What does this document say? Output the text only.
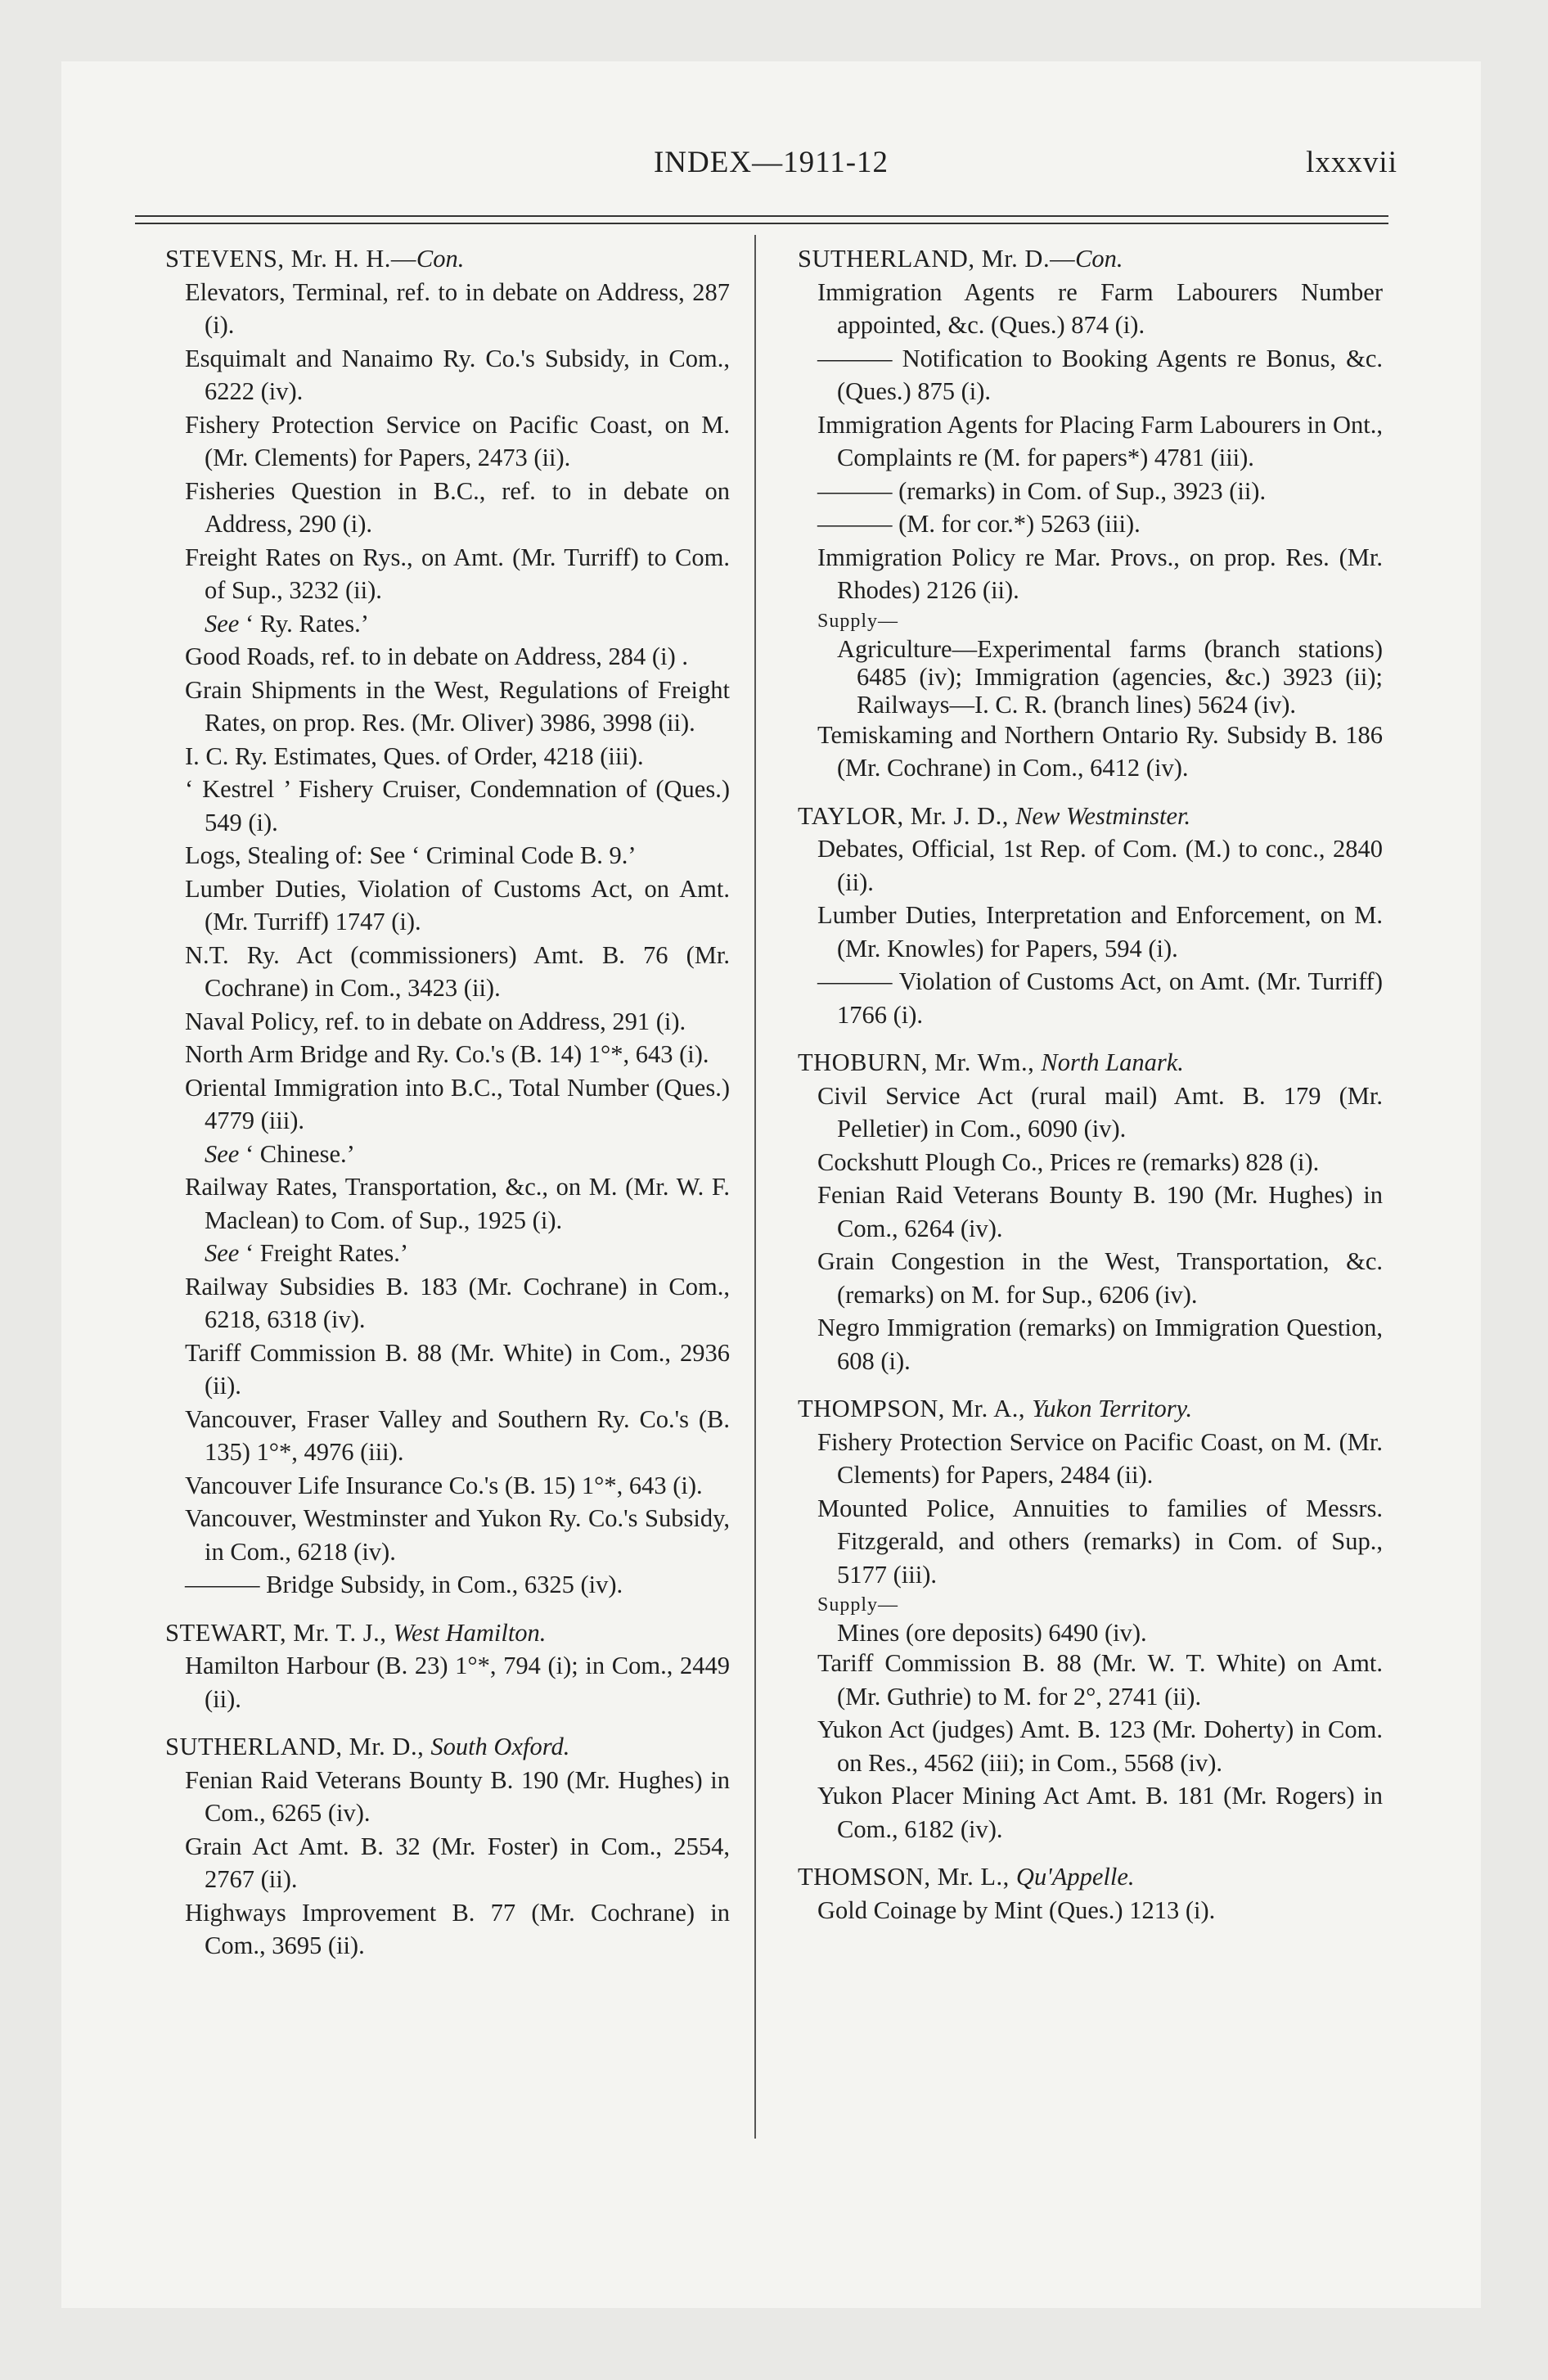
INDEX—1911-12	lxxxvii
STEVENS, Mr. H. H.—Con.
Elevators, Terminal, ref. to in debate on Address, 287 (i).
Esquimalt and Nanaimo Ry. Co.'s Subsidy, in Com., 6222 (iv).
Fishery Protection Service on Pacific Coast, on M. (Mr. Clements) for Papers, 2473 (ii).
Fisheries Question in B.C., ref. to in debate on Address, 290 (i).
Freight Rates on Rys., on Amt. (Mr. Turriff) to Com. of Sup., 3232 (ii).
See ‘ Ry. Rates.’
Good Roads, ref. to in debate on Address, 284 (i) .
Grain Shipments in the West, Regulations of Freight Rates, on prop. Res. (Mr. Oliver) 3986, 3998 (ii).
I. C. Ry. Estimates, Ques. of Order, 4218 (iii).
‘ Kestrel ’ Fishery Cruiser, Condemnation of (Ques.) 549 (i).
Logs, Stealing of: See ‘ Criminal Code B. 9.’
Lumber Duties, Violation of Customs Act, on Amt. (Mr. Turriff) 1747 (i).
N.T. Ry. Act (commissioners) Amt. B. 76 (Mr. Cochrane) in Com., 3423 (ii).
Naval Policy, ref. to in debate on Address, 291 (i).
North Arm Bridge and Ry. Co.'s (B. 14) 1°*, 643 (i).
Oriental Immigration into B.C., Total Number (Ques.) 4779 (iii).
See ‘ Chinese.’
Railway Rates, Transportation, &c., on M. (Mr. W. F. Maclean) to Com. of Sup., 1925 (i).
See ‘ Freight Rates.’
Railway Subsidies B. 183 (Mr. Cochrane) in Com., 6218, 6318 (iv).
Tariff Commission B. 88 (Mr. White) in Com., 2936 (ii).
Vancouver, Fraser Valley and Southern Ry. Co.'s (B. 135) 1°*, 4976 (iii).
Vancouver Life Insurance Co.'s (B. 15) 1°*, 643 (i).
Vancouver, Westminster and Yukon Ry. Co.'s Subsidy, in Com., 6218 (iv).
——— Bridge Subsidy, in Com., 6325 (iv).
STEWART, Mr. T. J., West Hamilton.
Hamilton Harbour (B. 23) 1°*, 794 (i); in Com., 2449 (ii).
SUTHERLAND, Mr. D., South Oxford.
Fenian Raid Veterans Bounty B. 190 (Mr. Hughes) in Com., 6265 (iv).
Grain Act Amt. B. 32 (Mr. Foster) in Com., 2554, 2767 (ii).
Highways Improvement B. 77 (Mr. Cochrane) in Com., 3695 (ii).
SUTHERLAND, Mr. D.—Con.
Immigration Agents re Farm Labourers Number appointed, &c. (Ques.) 874 (i).
——— Notification to Booking Agents re Bonus, &c. (Ques.) 875 (i).
Immigration Agents for Placing Farm Labourers in Ont., Complaints re (M. for papers*) 4781 (iii).
——— (remarks) in Com. of Sup., 3923 (ii).
——— (M. for cor.*) 5263 (iii).
Immigration Policy re Mar. Provs., on prop. Res. (Mr. Rhodes) 2126 (ii).
Supply—
Agriculture—Experimental farms (branch stations) 6485 (iv); Immigration (agencies, &c.) 3923 (ii); Railways—I. C. R. (branch lines) 5624 (iv).
Temiskaming and Northern Ontario Ry. Subsidy B. 186 (Mr. Cochrane) in Com., 6412 (iv).
TAYLOR, Mr. J. D., New Westminster.
Debates, Official, 1st Rep. of Com. (M.) to conc., 2840 (ii).
Lumber Duties, Interpretation and Enforcement, on M. (Mr. Knowles) for Papers, 594 (i).
——— Violation of Customs Act, on Amt. (Mr. Turriff) 1766 (i).
THOBURN, Mr. Wm., North Lanark.
Civil Service Act (rural mail) Amt. B. 179 (Mr. Pelletier) in Com., 6090 (iv).
Cockshutt Plough Co., Prices re (remarks) 828 (i).
Fenian Raid Veterans Bounty B. 190 (Mr. Hughes) in Com., 6264 (iv).
Grain Congestion in the West, Transportation, &c. (remarks) on M. for Sup., 6206 (iv).
Negro Immigration (remarks) on Immigration Question, 608 (i).
THOMPSON, Mr. A., Yukon Territory.
Fishery Protection Service on Pacific Coast, on M. (Mr. Clements) for Papers, 2484 (ii).
Mounted Police, Annuities to families of Messrs. Fitzgerald, and others (remarks) in Com. of Sup., 5177 (iii).
Supply—
Mines (ore deposits) 6490 (iv).
Tariff Commission B. 88 (Mr. W. T. White) on Amt. (Mr. Guthrie) to M. for 2°, 2741 (ii).
Yukon Act (judges) Amt. B. 123 (Mr. Doherty) in Com. on Res., 4562 (iii); in Com., 5568 (iv).
Yukon Placer Mining Act Amt. B. 181 (Mr. Rogers) in Com., 6182 (iv).
THOMSON, Mr. L., Qu'Appelle.
Gold Coinage by Mint (Ques.) 1213 (i).
